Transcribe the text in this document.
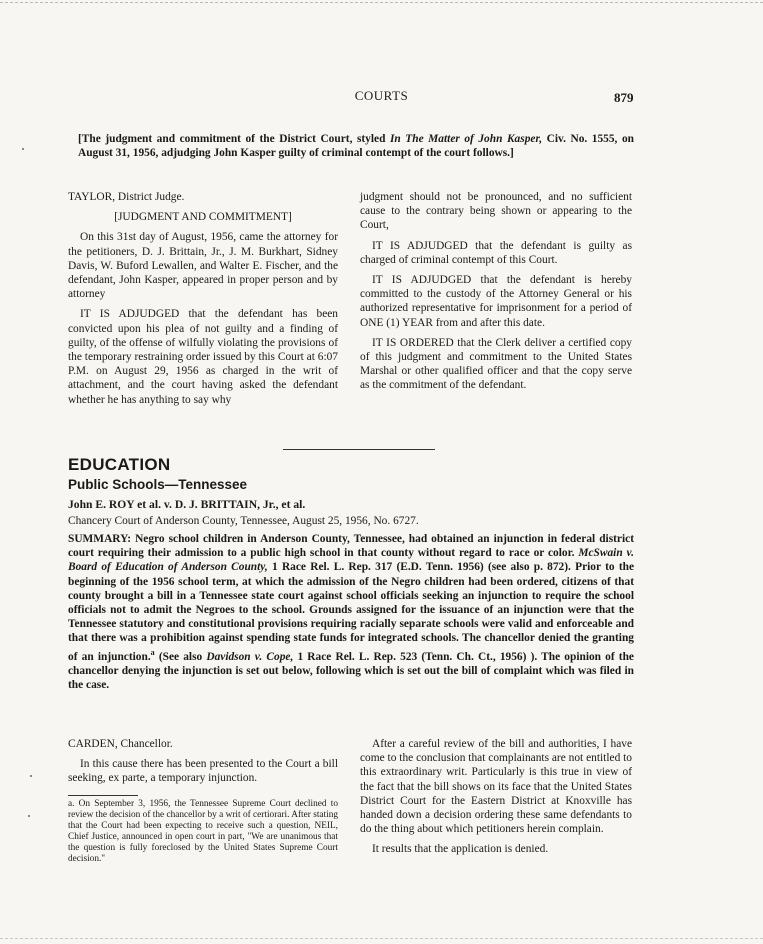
COURTS	879
[The judgment and commitment of the District Court, styled In The Matter of John Kasper, Civ. No. 1555, on August 31, 1956, adjudging John Kasper guilty of criminal contempt of the court follows.]

TAYLOR, District Judge.

[JUDGMENT AND COMMITMENT]

On this 31st day of August, 1956, came the attorney for the petitioners, D. J. Brittain, Jr., J. M. Burkhart, Sidney Davis, W. Buford Lewallen, and Walter E. Fischer, and the defendant, John Kasper, appeared in proper person and by attorney

IT IS ADJUDGED that the defendant has been convicted upon his plea of not guilty and a finding of guilty, of the offense of wilfully violating the provisions of the temporary restraining order issued by this Court at 6:07 P.M. on August 29, 1956 as charged in the writ of attachment, and the court having asked the defendant whether he has anything to say why

judgment should not be pronounced, and no sufficient cause to the contrary being shown or appearing to the Court,

IT IS ADJUDGED that the defendant is guilty as charged of criminal contempt of this Court.

IT IS ADJUDGED that the defendant is hereby committed to the custody of the Attorney General or his authorized representative for imprisonment for a period of ONE (1) YEAR from and after this date.

IT IS ORDERED that the Clerk deliver a certified copy of this judgment and commitment to the United States Marshal or other qualified officer and that the copy serve as the commitment of the defendant.

EDUCATION
Public Schools—Tennessee
John E. ROY et al. v. D. J. BRITTAIN, Jr., et al.
Chancery Court of Anderson County, Tennessee, August 25, 1956, No. 6727.
SUMMARY: Negro school children in Anderson County, Tennessee, had obtained an injunction in federal district court requiring their admission to a public high school in that county without regard to race or color. McSwain v. Board of Education of Anderson County, 1 Race Rel. L. Rep. 317 (E.D. Tenn. 1956) (see also p. 872). Prior to the beginning of the 1956 school term, at which the admission of the Negro children had been ordered, citizens of that county brought a bill in a Tennessee state court against school officials seeking an injunction to require the school officials not to admit the Negroes to the school. Grounds assigned for the issuance of an injunction were that the Tennessee statutory and constitutional provisions requiring racially separate schools were valid and enforceable and that there was a prohibition against spending state funds for integrated schools. The chancellor denied the granting of an injunction.$^a$ (See also Davidson v. Cope, 1 Race Rel. L. Rep. 523 (Tenn. Ch. Ct., 1956) ). The opinion of the chancellor denying the injunction is set out below, following which is set out the bill of complaint which was filed in the case.

CARDEN, Chancellor.

In this cause there has been presented to the Court a bill seeking, ex parte, a temporary injunction.

a. On September 3, 1956, the Tennessee Supreme Court declined to review the decision of the chancellor by a writ of certiorari. After stating that the Court had been expecting to receive such a question, NEIL, Chief Justice, announced in open court in part, "We are unanimous that the question is fully foreclosed by the United States Supreme Court decision."

After a careful review of the bill and authorities, I have come to the conclusion that complainants are not entitled to this extraordinary writ. Particularly is this true in view of the fact that the bill shows on its face that the United States District Court for the Eastern District at Knoxville has handed down a decision ordering these same defendants to do the thing about which petitioners herein complain.

It results that the application is denied.
